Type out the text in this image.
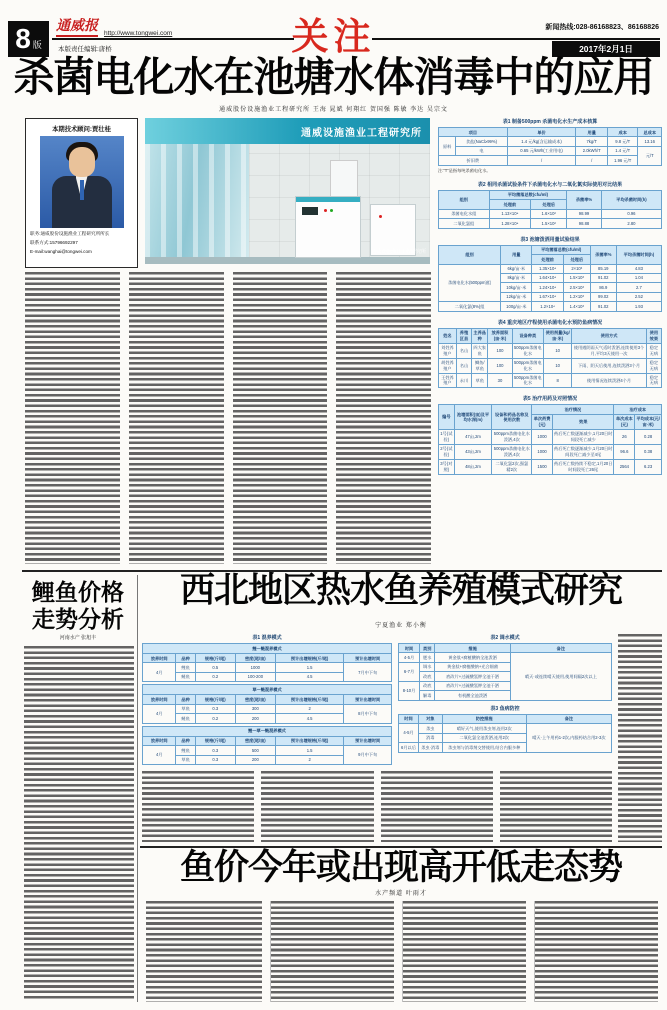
8 版
通威报 http://www.tongwei.com
新闻热线:028-86168823、86168826
本版责任编辑:唐桥	2017年2月1日
关注
杀菌电化水在池塘水体消毒中的应用
通威股份设施渔业工程研究所 王海 晁斌 何翔红 贺国强 陈敏 李达 吴宗文
本期技术顾问:贾壮桂
职务:通威股份设施渔业工程研究所所长
联系方式:15796692297
E-mail:wanghai@tongwei.com
通威设施渔业工程研究所
通威设施渔业工程研究所
表1 制备500ppm 杀菌电化水生产成本核算
项目		单价	用量	成本	总成本
原料	食盐(NaCl≥99%)	1.4 元/kg(含运输成本)	7kg/T	9.8 元/T	13.16
	电	0.65 元/kWh(工业用电)	2.0kWh/T	1.4 元/T	元/T
折旧费		/	/	1.96 元/T	
注:“T”是指每吨杀菌电化水。
表2 相同杀菌试验条件下杀菌电化水与二氧化氯实际使用对比结果
组别	平均菌落总数(cfu/ml)		杀菌率%	平均杀菌时间(h)
	处理前	处理后		
杀菌电化水组	1.13×10⁴	1.6×10²	98.99	0.96
二氧化氯组	1.28×10⁴	1.5×10²	98.88	2.80
表3 池塘泼洒用量试验结果
组别	用量	平均菌落总数(cfu/ml)		杀菌率%	平均杀菌时间(h)
		处理前	处理后		
杀菌电化水(500ppm)组	6kg/亩·米	1.35×10⁴	2×10³	85.19	4.83
	8kg/亩·米	1.64×10⁴	1.5×10³	91.02	1.04
	10kg/亩·米	1.24×10⁴	2.5×10³	86.9	2.7
	12kg/亩·米	1.67×10⁴	1.2×10³	99.02	2.52
二氧化氯(8%)组	100g/亩·米	1.2×10⁴	1.4×10³	91.02	1.93
表4 重庆地区疗程使用杀菌电化水预防鱼病情况
姓名	养殖区县	主养品种	放养面积(亩·米)	设备种类	使用剂量(kg/亩·米)	使用方式	使用效果
刘姓养殖户	名山	四大家鱼	100	500ppm杀菌电化水	10	使用遇阴雨天气适时泼洒,连续使用3个月,平均3天使用一次	稳定无病
胡姓养殖户	名山	鲫鱼/草鱼	100	500ppm杀菌电化水	10	下雨、阴天后使用,连续泼洒3个月	稳定无病
王姓养殖户	永川	草鱼	30	500ppm杀菌电化水	8	使用情况连续泼洒4个月	稳定无病
表5 治疗用药及对照情况
编号	池塘面积(亩)及平均水深(m)	设备和药品名称及使用次数	治疗情况		治疗成本	
			单次药费(元)	效果	单次成本(元)	平均成本(元/亩·米)
1号(试验)	47亩,2m	500ppm杀菌电化水泼洒,4次	1000	药后死亡数逐渐减少,1月20日时间段死亡减少	26	0.28
2号(试验)	43亩,2m	500ppm杀菌电化水泼洒,4次	1000	药后死亡数逐渐减少,1月20日时间段死亡减少至4尾	96.6	0.38
3号(对照)	48亩,2m	二氧化氯2次,强氯精2次	1500	药后死亡数持续不稳定,1月20日时间段死亡26尾	2564	6.23
鲤鱼价格
走势分析
河南水产 张旭丰
西北地区热水鱼养殖模式研究
宁夏渔业 郑小衡
表1 混养模式
鲤—鲢混养模式
放养时间	品种	规格(斤/尾)	密度(尾/亩)	预计出塘规格(斤/尾)	预计出塘时间
4月	鲤鱼	0.5	1000	1.5	7月中下旬
	鲢鱼	0.2	100-200	4.5	
草—鲢混养模式
放养时间	品种	规格(斤/尾)	密度(尾/亩)	预计出塘规格(斤/尾)	预计出塘时间
4月	草鱼	0.3	300	2	8月中下旬
	鲢鱼	0.2	200	4.5	
鲤—草—鲢混养模式
放养时间	品种	规格(斤/尾)	密度(尾/亩)	预计出塘规格(斤/尾)	预计出塘时间
4月	鲤鱼	0.3	500	1.5	9月中下旬
	草鱼	0.3	200	2	
表2 调水模式
时间	类别	措施	备注
4-5月	肥水	黄金肽+腐植酸钠全池泼洒	晴天·或连续晴天使用,使用间隔2次以上
6-7月	调水	黄金肽+腐植酸钠+光合细菌	
	改底	底改片+过硫酸氢钾全池干洒	
8-10月	改底	底改片+过硫酸氢钾全池干洒	
	解毒	有机酸全池泼洒	
表3 鱼病防控
时间	对象	防控措施	备注
4-5月	杀虫	晴好天气,使用杀虫剂,连用2次	晴天·上午用药1-2次,内服药结合用2-3次
	消毒	二氧化氯全池泼洒,连用2次	
6月以后	杀虫·消毒	杀虫剂与消毒剂交替使用,结合内服多种	
鱼价今年或出现高开低走态势
水产频道 叶雨才
